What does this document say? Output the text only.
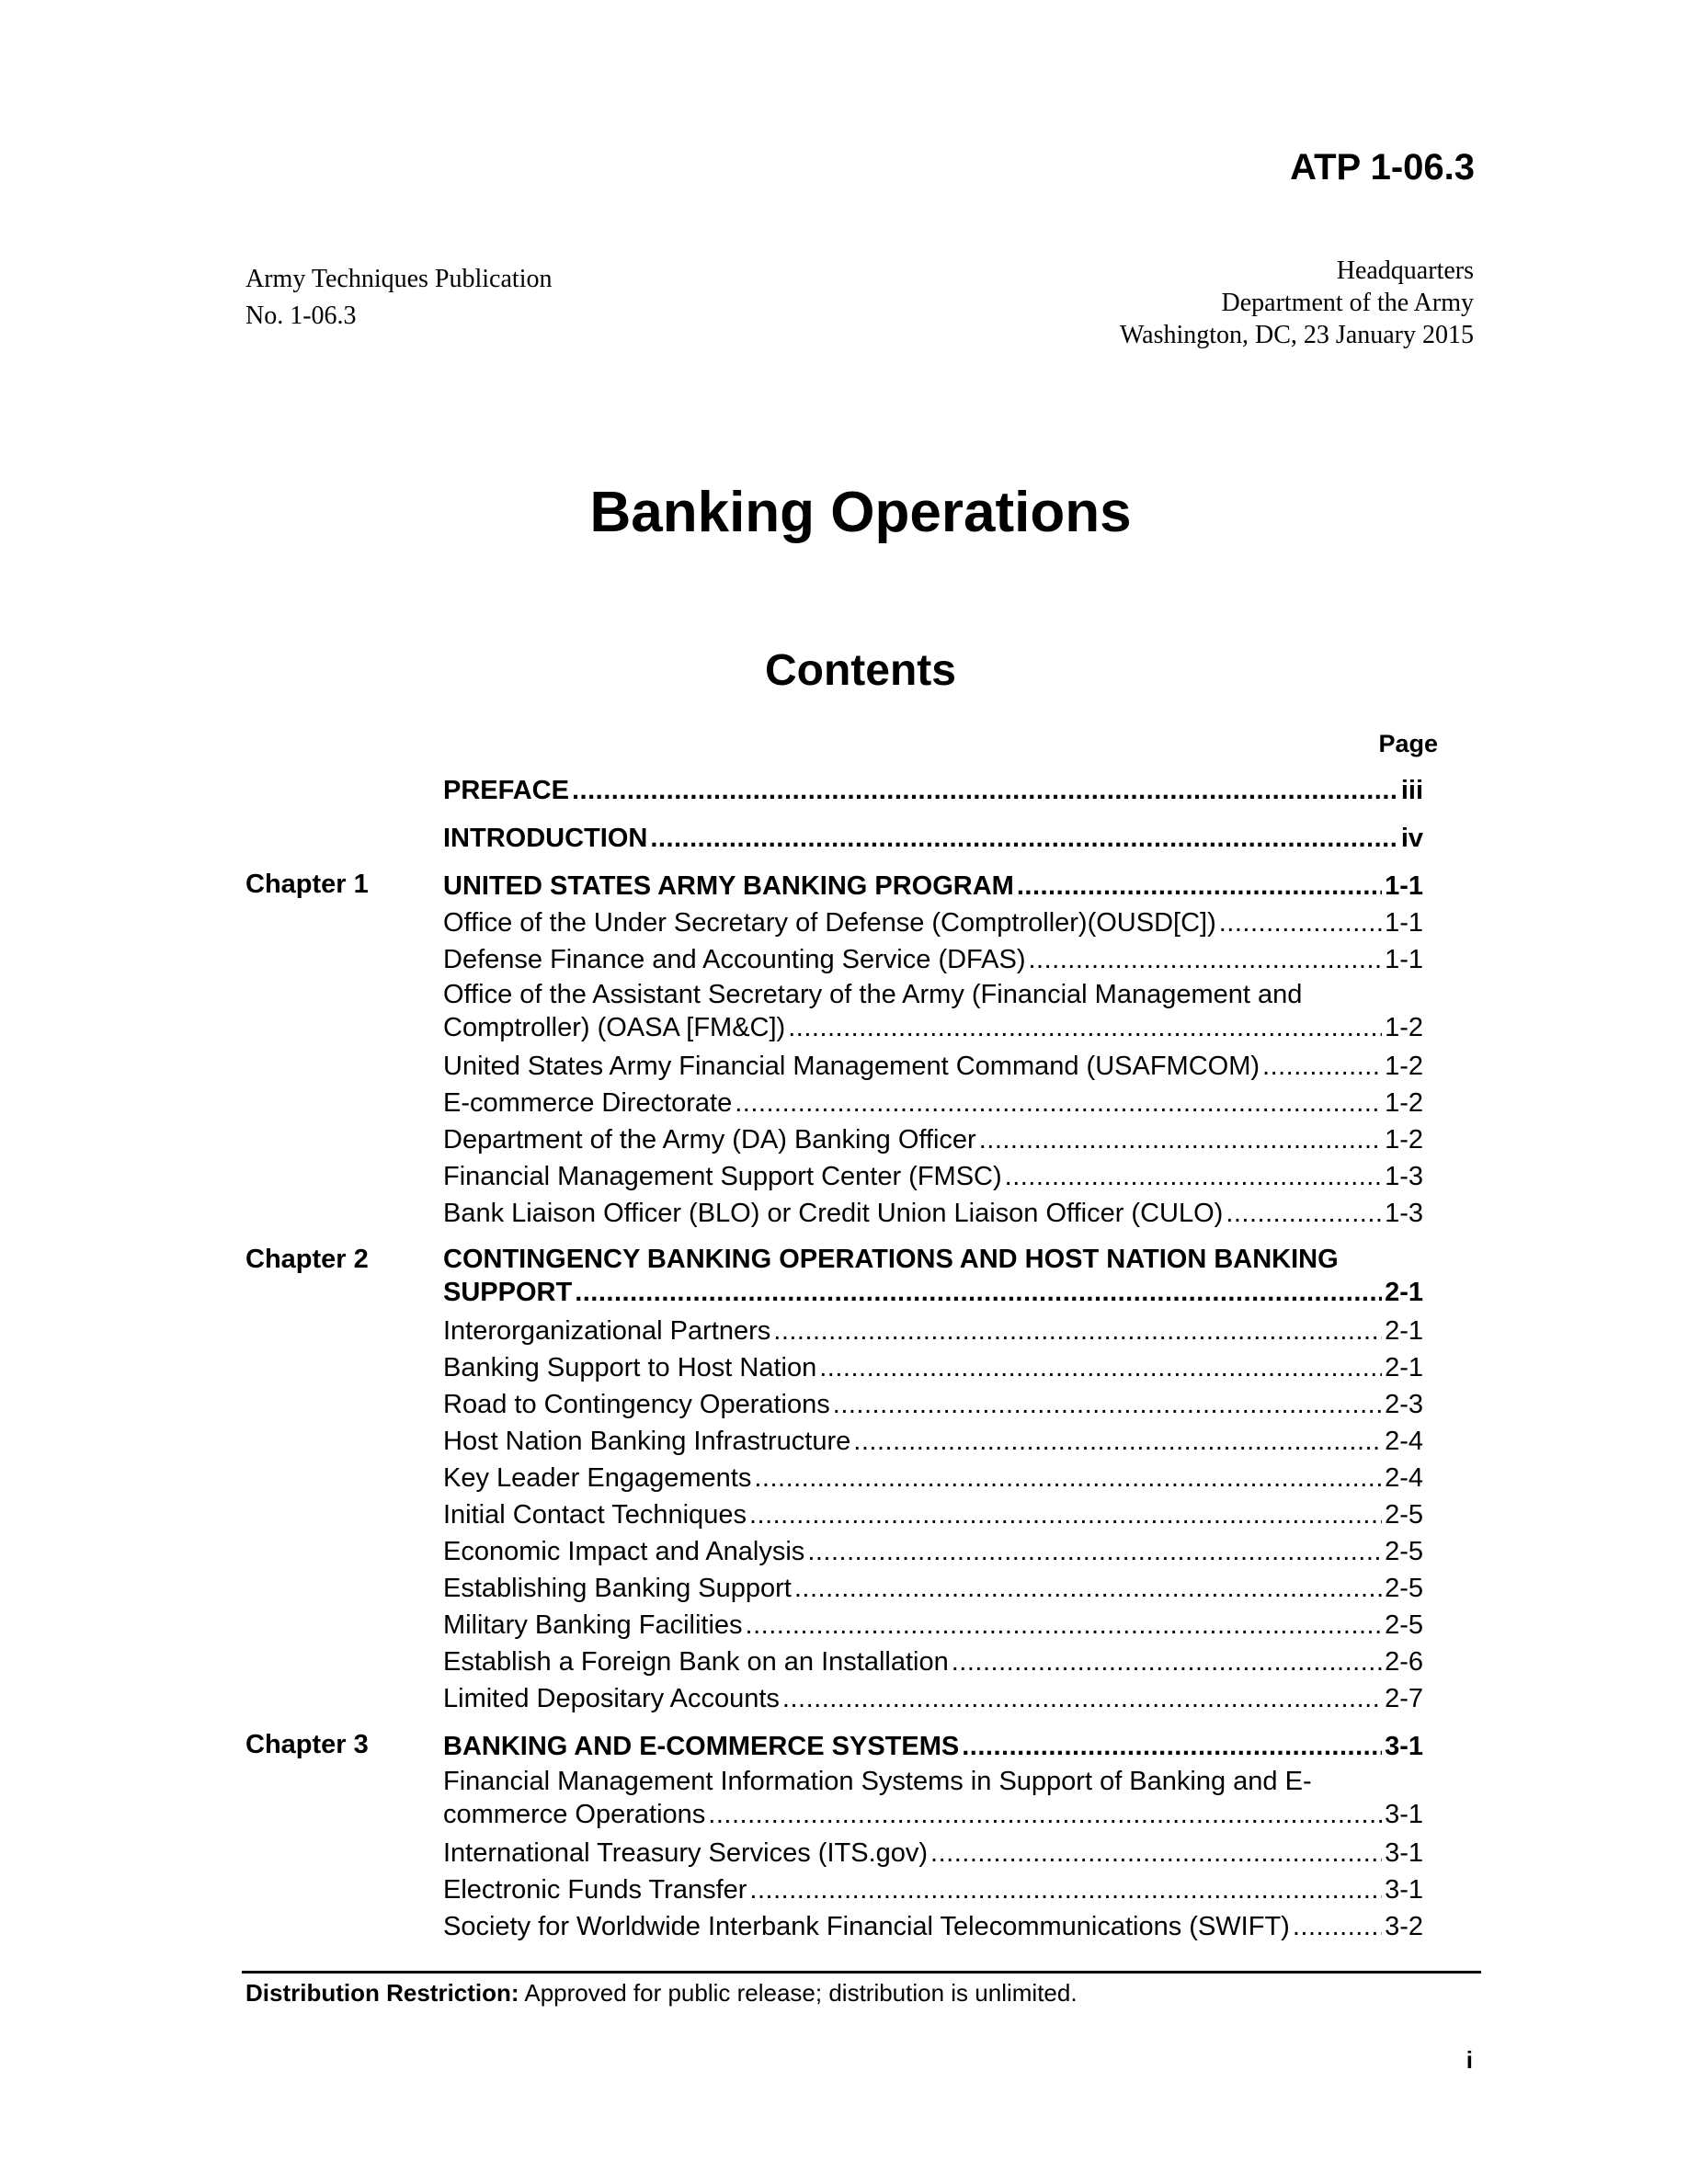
ATP 1-06.3
Army Techniques Publication
No. 1-06.3
Headquarters
Department of the Army
Washington, DC, 23 January 2015
Banking Operations
Contents
Page
PREFACE .....	iii
INTRODUCTION .....	iv
Chapter 1	UNITED STATES ARMY BANKING PROGRAM .....	1-1
Office of the Under Secretary of Defense (Comptroller)(OUSD[C]) .....	1-1
Defense Finance and Accounting Service (DFAS) .....	1-1
Office of the Assistant Secretary of the Army (Financial Management and
Comptroller) (OASA [FM&C]) .....	1-2
United States Army Financial Management Command (USAFMCOM) .....	1-2
E-commerce Directorate .....	1-2
Department of the Army (DA) Banking Officer .....	1-2
Financial Management Support Center (FMSC) .....	1-3
Bank Liaison Officer (BLO) or Credit Union Liaison Officer (CULO) .....	1-3
Chapter 2	CONTINGENCY BANKING OPERATIONS AND HOST NATION BANKING
SUPPORT .....	2-1
Interorganizational Partners .....	2-1
Banking Support to Host Nation .....	2-1
Road to Contingency Operations .....	2-3
Host Nation Banking Infrastructure .....	2-4
Key Leader Engagements .....	2-4
Initial Contact Techniques .....	2-5
Economic Impact and Analysis .....	2-5
Establishing Banking Support .....	2-5
Military Banking Facilities .....	2-5
Establish a Foreign Bank on an Installation .....	2-6
Limited Depositary Accounts .....	2-7
Chapter 3	BANKING AND E-COMMERCE SYSTEMS .....	3-1
Financial Management Information Systems in Support of Banking and E-
commerce Operations .....	3-1
International Treasury Services (ITS.gov) .....	3-1
Electronic Funds Transfer .....	3-1
Society for Worldwide Interbank Financial Telecommunications (SWIFT) .....	3-2
Distribution Restriction: Approved for public release; distribution is unlimited.
i
